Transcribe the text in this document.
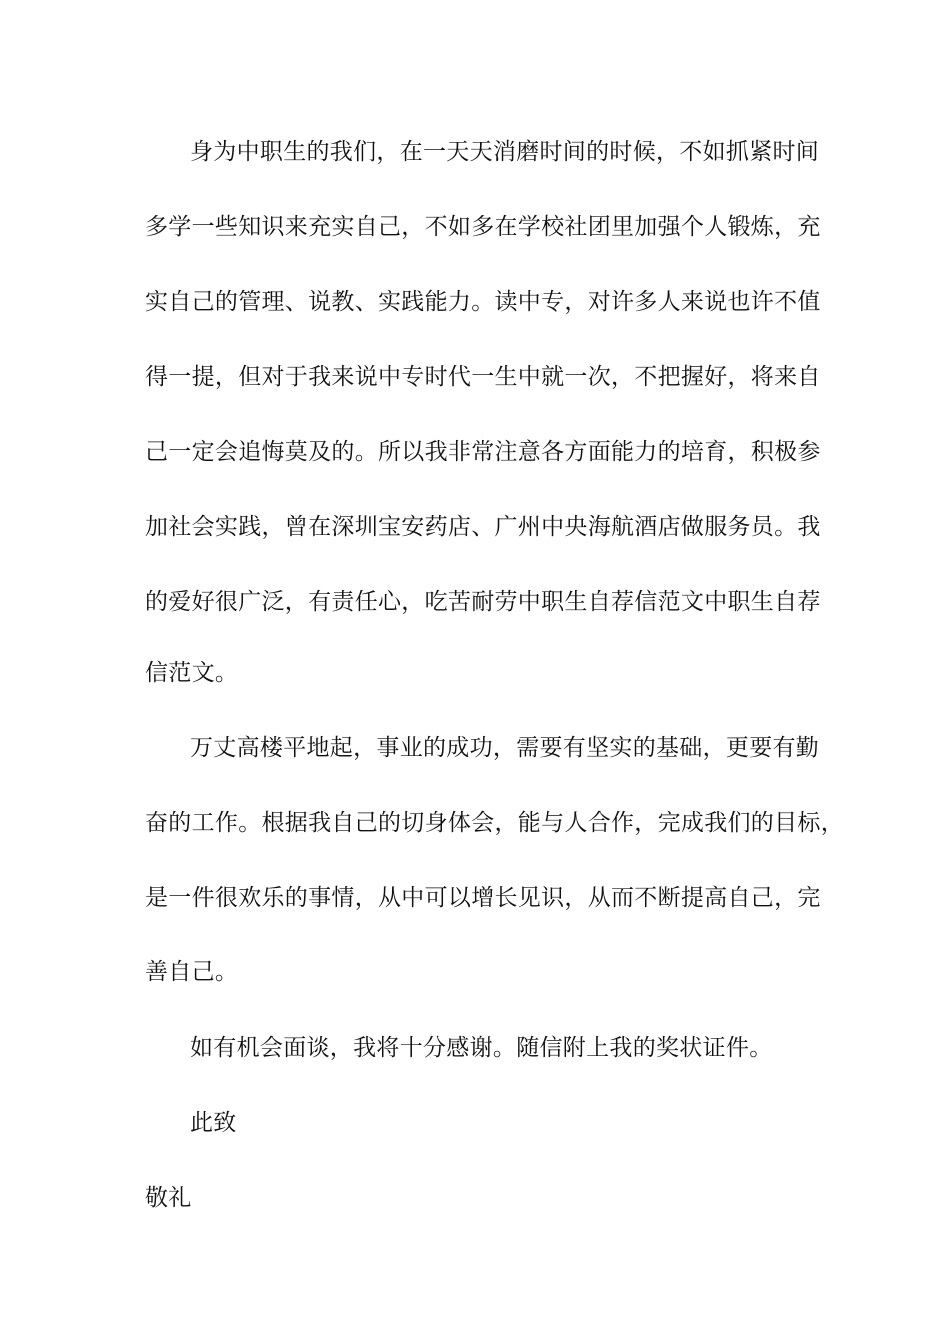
身为中职生的我们，在一天天消磨时间的时候，不如抓紧时间
多学一些知识来充实自己，不如多在学校社团里加强个人锻炼，充
实自己的管理、说教、实践能力。读中专，对许多人来说也许不值
得一提，但对于我来说中专时代一生中就一次，不把握好，将来自
己一定会追悔莫及的。所以我非常注意各方面能力的培育，积极参
加社会实践，曾在深圳宝安药店、广州中央海航酒店做服务员。我
的爱好很广泛，有责任心，吃苦耐劳中职生自荐信范文中职生自荐
信范文。
万丈高楼平地起，事业的成功，需要有坚实的基础，更要有勤
奋的工作。根据我自己的切身体会，能与人合作，完成我们的目标，
是一件很欢乐的事情，从中可以增长见识，从而不断提高自己，完
善自己。
如有机会面谈，我将十分感谢。随信附上我的奖状证件。
此致
敬礼
